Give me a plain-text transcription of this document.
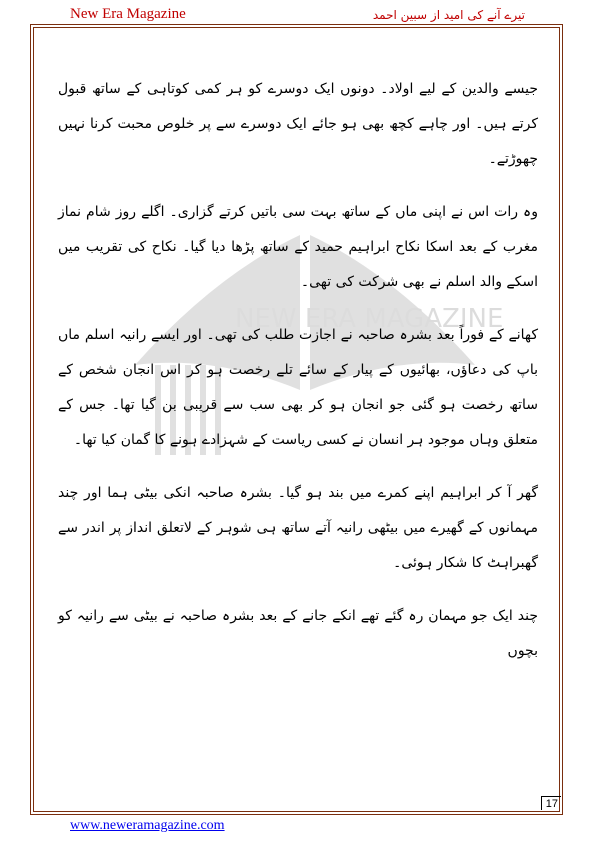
New Era Magazine	تیرے آنے کی امید از سبین احمد
NEW ERA MAGAZINE

جیسے والدین کے لیے اولاد۔ دونوں ایک دوسرے کو ہر کمی کوتاہی کے ساتھ قبول کرتے ہیں۔ اور چاہے کچھ بھی ہو جائے ایک دوسرے سے پر خلوص محبت کرنا نہیں چھوڑتے۔

وہ رات اس نے اپنی ماں کے ساتھ بہت سی باتیں کرتے گزاری۔ اگلے روز شام نماز مغرب کے بعد اسکا نکاح ابراہیم حمید کے ساتھ پڑھا دیا گیا۔ نکاح کی تقریب میں اسکے والد اسلم نے بھی شرکت کی تھی۔

کھانے کے فوراً بعد بشرہ صاحبہ نے اجازت طلب کی تھی۔ اور ایسے رانیہ اسلم ماں باپ کی دعاؤں، بھائیوں کے پیار کے سائے تلے رخصت ہو کر اس انجان شخص کے ساتھ رخصت ہو گئی جو انجان ہو کر بھی سب سے قریبی بن گیا تھا۔ جس کے متعلق وہاں موجود ہر انسان نے کسی ریاست کے شہزادے ہونے کا گمان کیا تھا۔

گھر آ کر ابراہیم اپنے کمرے میں بند ہو گیا۔ بشرہ صاحبہ انکی بیٹی ہما اور چند مہمانوں کے گھیرے میں بیٹھی رانیہ آتے ساتھ ہی شوہر کے لاتعلق انداز پر اندر سے گھبراہٹ کا شکار ہوئی۔

چند ایک جو مہمان رہ گئے تھے انکے جانے کے بعد بشرہ صاحبہ نے بیٹی سے رانیہ کو بچوں

17
www.neweramagazine.com
